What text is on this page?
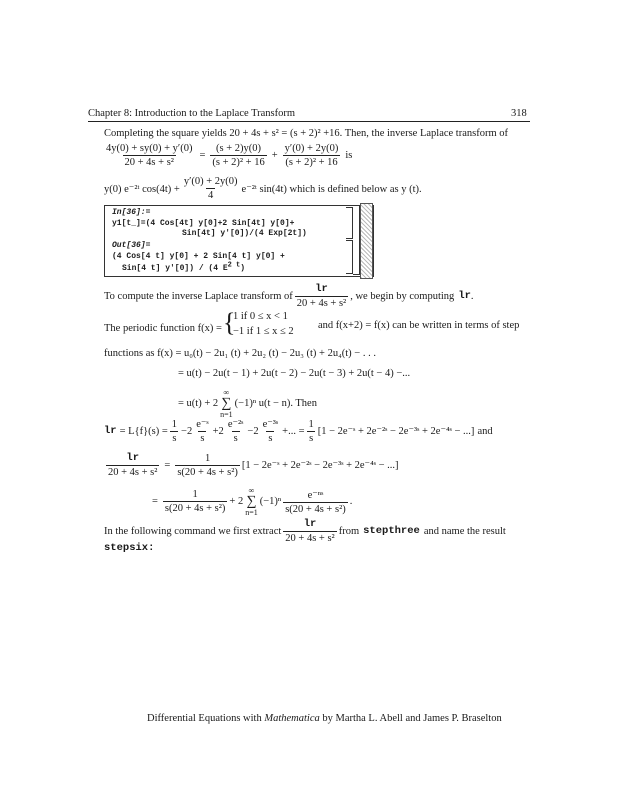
Chapter 8: Introduction to the Laplace Transform	318
Completing the square yields 20 + 4s + s² = (s + 2)² +16. Then, the inverse Laplace transform of
$\frac{4y(0) + sy(0) + y'(0)}{\text{20 + 4s + s²}} = \frac{(s + 2)y(0)}{\text{(s + 2)² + 16}} + \frac{y'(0) + 2y(0)}{\text{(s + 2)² + 16}}$ is
y(0) e⁻²ᵗ $\cos(4t) + \frac{y'(0) + 2y(0)}{4}$ e⁻²ᵗ sin(4t) which is defined below as y (t).
In[36]:=
y1[t_]=(4 Cos[4t] y[0]+2 Sin[4t] y[0]+
Sin[4t] y'[0])/(4 Exp[2t])
Out[36]=
(4 Cos[4 t] y[0] + 2 Sin[4 t] y[0] +
Sin[4 t] y'[0]) / (4 $E^{2 t}$)
To compute the inverse Laplace transform of $\frac{lr}{\text{20 + 4s + s²}}$ , we begin by computing lr .
The periodic function f(x) = {
1 if 0 ≤ x < 1
−1 if 1 ≤ x ≤ 2
and f(x+2) = f(x) can be written in terms of step
functions as f(x) = u₀(t) − 2u₁ (t) + 2u₂ (t) − 2u₃ (t) + 2u₄(t) − . . .
= u(t) − 2u(t − 1) + 2u(t − 2) − 2u(t − 3) + 2u(t − 4) −...
= u(t) + 2
∞
∑
n=1
(−1)ⁿ u(t − n). Then
lr = $L\{f\}(s) = \frac{1}{s} -2 \frac{\text{e⁻ˢ}}{s} +2 \frac{\text{e⁻²ˢ}}{s} -2 \frac{\text{e⁻³ˢ}}{s}$ +... = $\frac{1}{s} [1$ − 2e⁻ˢ + 2e⁻²ˢ − 2e⁻³ˢ + 2e⁻⁴ˢ − ...] and
$\frac{lr}{\text{20 + 4s + s²}} = \frac{1}{\text{s(20 + 4s + s²)}} [1$ − 2e⁻ˢ + 2e⁻²ˢ − 2e⁻³ˢ + 2e⁻⁴ˢ − ...]
= $\frac{1}{\text{s(20 + 4s + s²)}} + 2$
∞
∑
n=1
$(-1)^n \frac{\text{e⁻ⁿˢ}}{\text{s(20 + 4s + s²)}}$ .
In the following command we first extract $\frac{lr}{\text{20 + 4s + s²}}$ from stepthree and name the result
stepsix:
Differential Equations with Mathematica by Martha L. Abell and James P. Braselton
